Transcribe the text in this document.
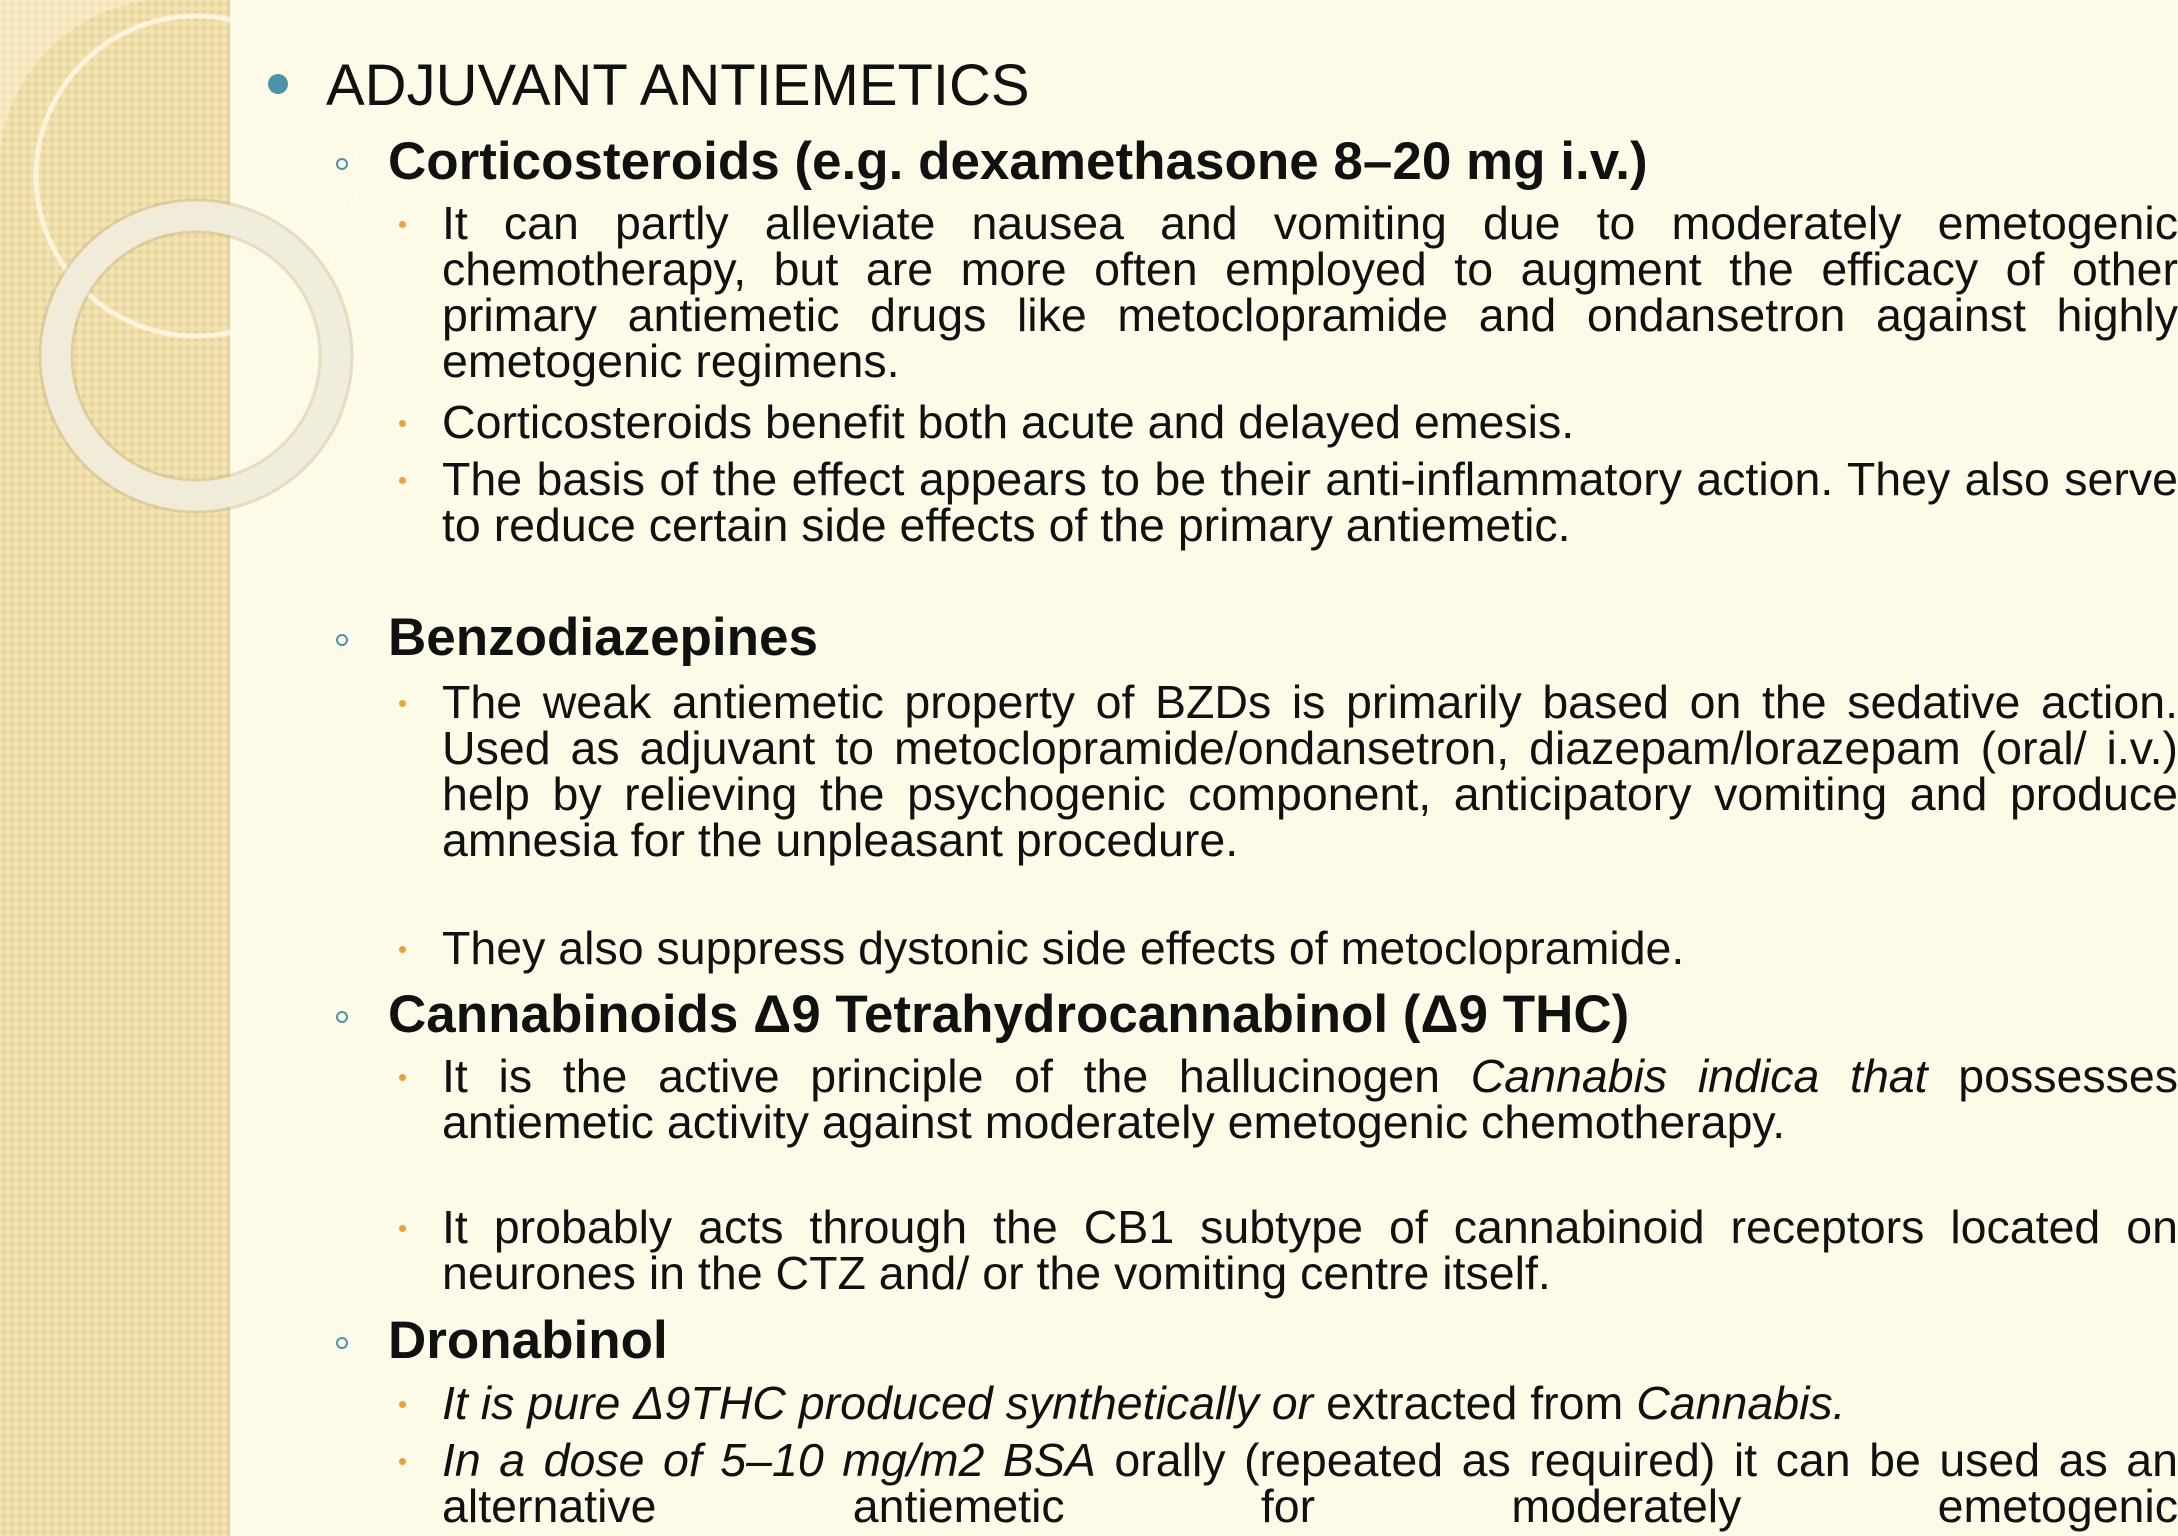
ADJUVANT ANTIEMETICS
Corticosteroids (e.g. dexamethasone 8–20 mg i.v.)

It can partly alleviate nausea and vomiting due to moderately emetogenic chemotherapy, but are more often employed to augment the efficacy of other primary antiemetic drugs like metoclopramide and ondansetron against highly emetogenic regimens.

Corticosteroids benefit both acute and delayed emesis.

The basis of the effect appears to be their anti-inflammatory action. They also serve to reduce certain side effects of the primary antiemetic.

Benzodiazepines

The weak antiemetic property of BZDs is primarily based on the sedative action. Used as adjuvant to metoclopramide/ondansetron, diazepam/lorazepam (oral/ i.v.) help by relieving the psychogenic component, anticipatory vomiting and produce amnesia for the unpleasant procedure.

They also suppress dystonic side effects of metoclopramide.

Cannabinoids Δ9 Tetrahydrocannabinol (Δ9 THC)

It is the active principle of the hallucinogen Cannabis indica that possesses antiemetic activity against moderately emetogenic chemotherapy.

It probably acts through the CB1 subtype of cannabinoid receptors located on neurones in the CTZ and/ or the vomiting centre itself.

Dronabinol

It is pure Δ9THC produced synthetically or extracted from Cannabis.

In a dose of 5–10 mg/m2 BSA orally (repeated as required) it can be used as an alternative antiemetic for moderately emetogenic
